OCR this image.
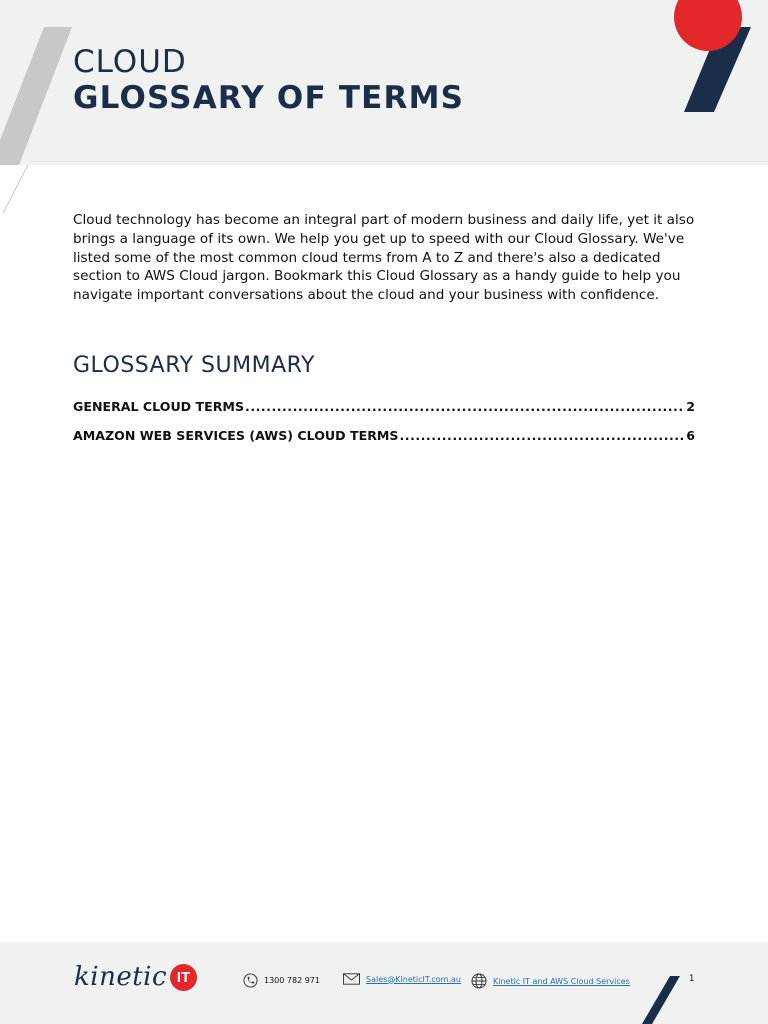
CLOUD
GLOSSARY OF TERMS

Cloud technology has become an integral part of modern business and daily life, yet it also brings a language of its own. We help you get up to speed with our Cloud Glossary. We've listed some of the most common cloud terms from A to Z and there's also a dedicated section to AWS Cloud jargon. Bookmark this Cloud Glossary as a handy guide to help you navigate important conversations about the cloud and your business with confidence.

GLOSSARY SUMMARY
GENERAL CLOUD TERMS .....	2
AMAZON WEB SERVICES (AWS) CLOUD TERMS .....	6
kinetic IT	1300 782 971	Sales@KineticIT.com.au	Kinetic IT and AWS Cloud Services	1
